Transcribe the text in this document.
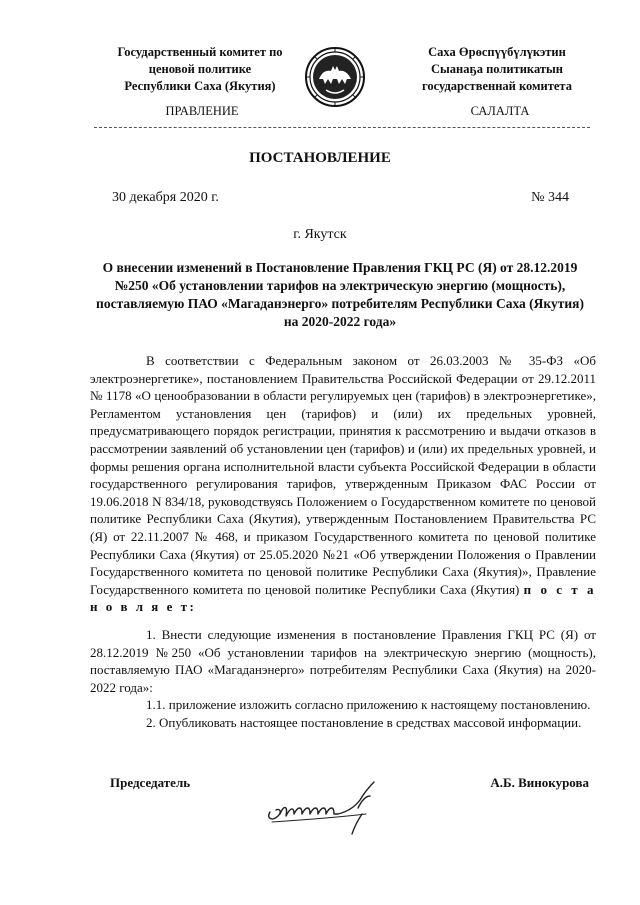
Государственный комитет по
ценовой политике
Республики Саха (Якутия)
Саха Өрөспүүбүлүкэтин
Сыанаҕа политикатын
государственнай комитета
ПРАВЛЕНИЕ	САЛАЛТА
ПОСТАНОВЛЕНИЕ
30 декабря 2020 г.	№ 344
г. Якутск
О внесении изменений в Постановление Правления ГКЦ РС (Я) от 28.12.2019 №250 «Об установлении тарифов на электрическую энергию (мощность), поставляемую ПАО «Магаданэнерго» потребителям Республики Саха (Якутия) на 2020-2022 года»
В соответствии с Федеральным законом от 26.03.2003 № 35-ФЗ «Об электроэнергетике», постановлением Правительства Российской Федерации от 29.12.2011 № 1178 «О ценообразовании в области регулируемых цен (тарифов) в электроэнергетике», Регламентом установления цен (тарифов) и (или) их предельных уровней, предусматривающего порядок регистрации, принятия к рассмотрению и выдачи отказов в рассмотрении заявлений об установлении цен (тарифов) и (или) их предельных уровней, и формы решения органа исполнительной власти субъекта Российской Федерации в области государственного регулирования тарифов, утвержденным Приказом ФАС России от 19.06.2018 N 834/18, руководствуясь Положением о Государственном комитете по ценовой политике Республики Саха (Якутия), утвержденным Постановлением Правительства РС (Я) от 22.11.2007 № 468, и приказом Государственного комитета по ценовой политике Республики Саха (Якутия) от 25.05.2020 №21 «Об утверждении Положения о Правлении Государственного комитета по ценовой политике Республики Саха (Якутия)», Правление Государственного комитета по ценовой политике Республики Саха (Якутия) п о с т а н о в л я е т:
1. Внести следующие изменения в постановление Правления ГКЦ РС (Я) от 28.12.2019 №250 «Об установлении тарифов на электрическую энергию (мощность), поставляемую ПАО «Магаданэнерго» потребителям Республики Саха (Якутия) на 2020-2022 года»:
1.1. приложение изложить согласно приложению к настоящему постановлению.
2. Опубликовать настоящее постановление в средствах массовой информации.
Председатель	А.Б. Винокурова
